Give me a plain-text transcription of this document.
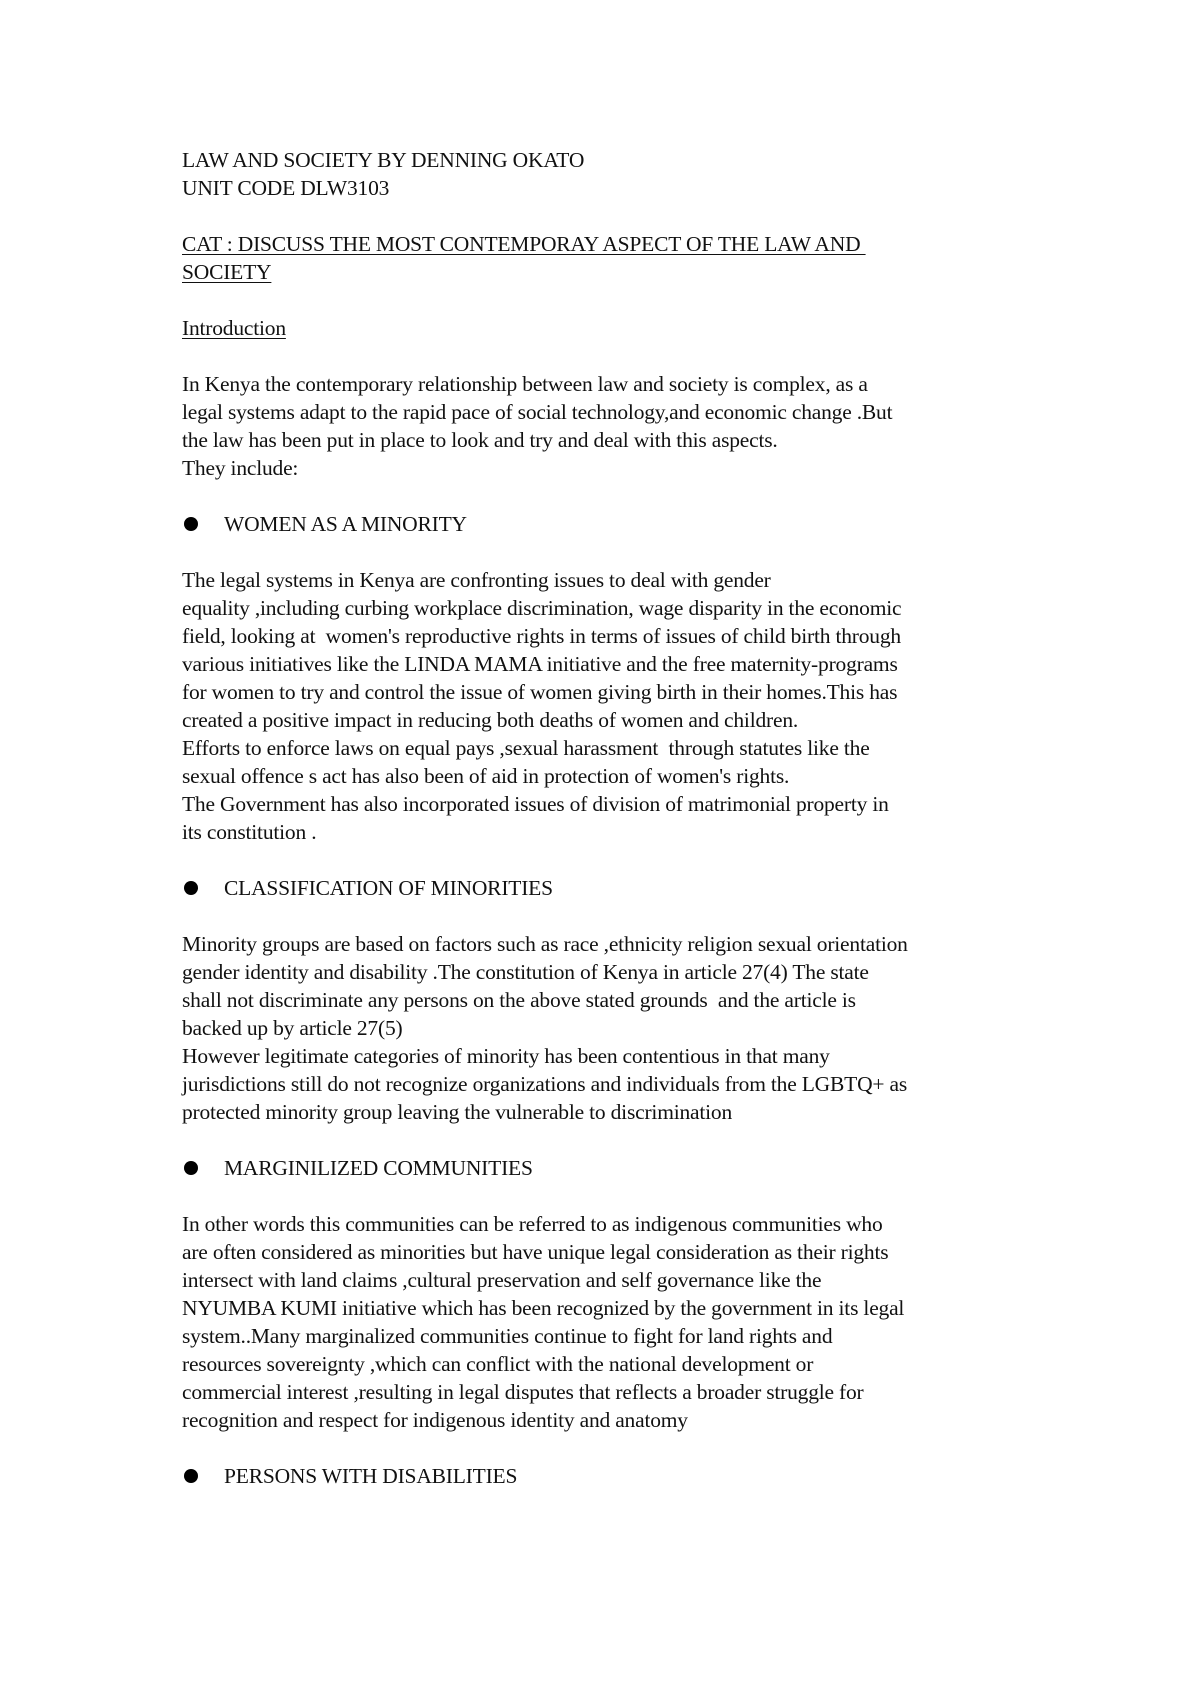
LAW AND SOCIETY BY DENNING OKATO
UNIT CODE DLW3103
CAT : DISCUSS THE MOST CONTEMPORAY ASPECT OF THE LAW AND
SOCIETY
Introduction
In Kenya the contemporary relationship between law and society is complex, as a
legal systems adapt to the rapid pace of social technology,and economic change .But
the law has been put in place to look and try and deal with this aspects.
They include:
WOMEN AS A MINORITY
The legal systems in Kenya are confronting issues to deal with gender
equality ,including curbing workplace discrimination, wage disparity in the economic
field, looking at  women's reproductive rights in terms of issues of child birth through
various initiatives like the LINDA MAMA initiative and the free maternity-programs
for women to try and control the issue of women giving birth in their homes.This has
created a positive impact in reducing both deaths of women and children.
Efforts to enforce laws on equal pays ,sexual harassment  through statutes like the
sexual offence s act has also been of aid in protection of women's rights.
The Government has also incorporated issues of division of matrimonial property in
its constitution .
CLASSIFICATION OF MINORITIES
Minority groups are based on factors such as race ,ethnicity religion sexual orientation
gender identity and disability .The constitution of Kenya in article 27(4) The state
shall not discriminate any persons on the above stated grounds  and the article is
backed up by article 27(5)
However legitimate categories of minority has been contentious in that many
jurisdictions still do not recognize organizations and individuals from the LGBTQ+ as
protected minority group leaving the vulnerable to discrimination
MARGINILIZED COMMUNITIES
In other words this communities can be referred to as indigenous communities who
are often considered as minorities but have unique legal consideration as their rights
intersect with land claims ,cultural preservation and self governance like the
NYUMBA KUMI initiative which has been recognized by the government in its legal
system..Many marginalized communities continue to fight for land rights and
resources sovereignty ,which can conflict with the national development or
commercial interest ,resulting in legal disputes that reflects a broader struggle for
recognition and respect for indigenous identity and anatomy
PERSONS WITH DISABILITIES
